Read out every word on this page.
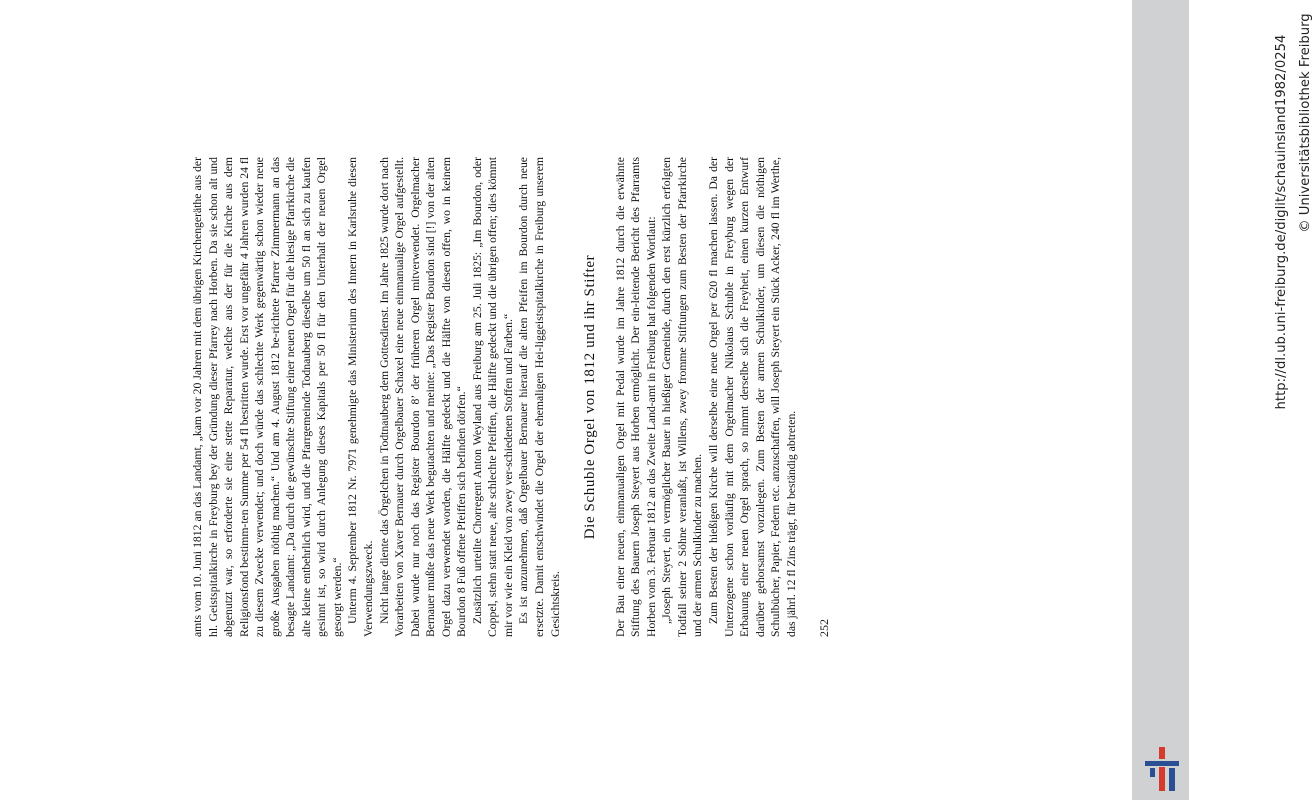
amts vom 10. Juni 1812 an das Landamt, „kam vor 20 Jahren mit dem übrigen Kirchengeräthe aus der hl. Geistspitalkirche in Freyburg bey der Gründung dieser Pfarrey nach Horben. Da sie schon alt und abgenutzt war, so erforderte sie eine stette Reparatur, welche aus der für die Kirche aus dem Religionsfond bestimm-ten Summe per 54 fl bestritten wurde. Erst vor ungefähr 4 Jahren wurden 24 fl zu diesem Zwecke verwendet; und doch würde das schlechte Werk gegenwärtig schon wieder neue große Ausgaben nöthig machen.“ Und am 4. August 1812 be-richtete Pfarrer Zimmermann an das besagte Landamt: „Da durch die gewünschte Stiftung einer neuen Orgel für die hiesige Pfarrkirche die alte kleine entbehrlich wird, und die Pfarrgemeinde Todnauberg dieselbe um 50 fl an sich zu kaufen gesinnt ist, so wird durch Anlegung dieses Kapitals per 50 fl für den Unterhalt der neuen Orgel gesorgt werden.“ Unterm 4. September 1812 Nr. 7971 genehmigte das Ministerium des Innern in Karlsruhe diesen Verwendungszweck. Nicht lange diente das Örgelchen in Todtnauberg dem Gottesdienst. Im Jahre 1825 wurde dort nach Vorarbeiten von Xaver Bernauer durch Orgelbauer Schaxel eine neue einmanualige Orgel aufgestellt. Dabei wurde nur noch das Register Bourdon 8’ der früheren Orgel mitverwendet. Orgelmacher Bernauer mußte das neue Werk begutachten und meinte: „Das Register Bourdon sind [!] von der alten Orgel dazu verwendet worden, die Hälfte gedeckt und die Hälfte von diesen offen, wo in keinem Bourdon 8 Fuß offene Pfeiffen sich befinden dörfen.“ Zusätzlich urteilte Chorregent Anton Weyland aus Freiburg am 25. Juli 1825: „Im Bourdon, oder Coppel, stehn statt neue, alte schlechte Pfeiffen, die Hälfte gedeckt und die übrigen offen; dies kömmt mir vor wie ein Kleid von zwey ver-schiedenen Stoffen und Farben.“ Es ist anzunehmen, daß Orgelbauer Bernauer hierauf die alten Pfeifen im Bourdon durch neue ersetzte. Damit entschwindet die Orgel der ehemaligen Hei-liggeistspitalkirche in Freiburg unserem Gesichtskreis.

Die Schuble Orgel von 1812 und ihr Stifter Der Bau einer neuen, einmanualigen Orgel mit Pedal wurde im Jahre 1812 durch die erwähnte Stiftung des Bauern Joseph Steyert aus Horben ermöglicht. Der ein-leitende Bericht des Pfarramts Horben vom 3. Februar 1812 an das Zweite Land-amt in Freiburg hat folgenden Wortlaut: „Joseph Steyert, ein vermöglicher Bauer in hießiger Gemeinde, durch den erst kürzlich erfolgten Todfall seiner 2 Söhne veranlaßt, ist Willens, zwey fromme Stiftungen zum Besten der Pfarrkirche und der armen Schulkinder zu machen. Zum Besten der hießigen Kirche will derselbe eine neue Orgel per 620 fl machen lassen. Da der Unterzogene schon vorläufig mit dem Orgelmacher Nikolaus Schuble in Freyburg wegen der Erbauung einer neuen Orgel sprach, so nimmt derselbe sich die Freyheit, einen kurzen Entwurf darüber gehorsamst vorzulegen. Zum Besten der armen Schulkinder, um diesen die nöthigen Schulbücher, Papier, Federn etc. anzuschaffen, will Joseph Steyert ein Stück Acker, 240 fl im Werthe, das jährl. 12 fl Zins trägt, für beständig abtreten. 252
http://dl.ub.uni-freiburg.de/diglit/schauinsland1982/0254 © Universitätsbibliothek Freiburg
